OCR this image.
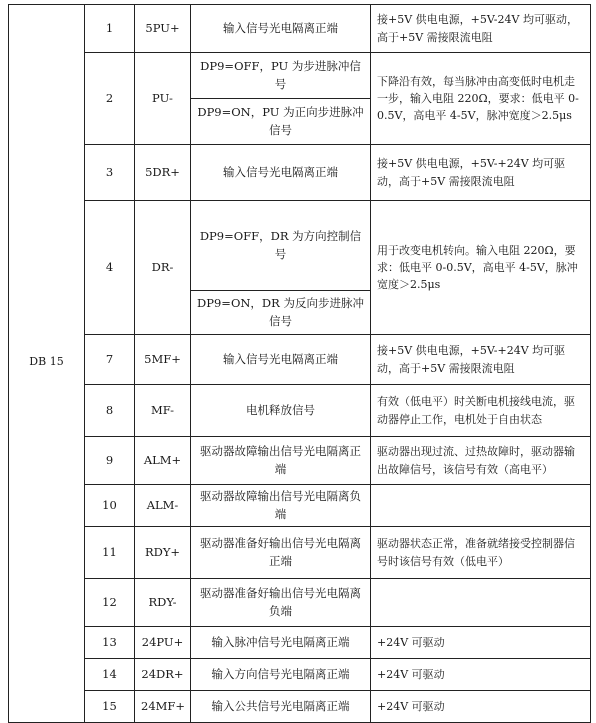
DB 15	1	5PU+	输入信号光电隔离正端	接+5V 供电电源，+5V-24V 均可驱动，高于+5V 需接限流电阻
	2	PU-	DP9=OFF，PU 为步进脉冲信号	下降沿有效，每当脉冲由高变低时电机走一步，输入电阻 220Ω，要求：低电平 0-0.5V，高电平 4-5V，脉冲宽度＞2.5μs
			DP9=ON，PU 为正向步进脉冲信号	
	3	5DR+	输入信号光电隔离正端	接+5V 供电电源，+5V-+24V 均可驱动，高于+5V 需接限流电阻
	4	DR-	DP9=OFF，DR 为方向控制信号	用于改变电机转向。输入电阻 220Ω，要求：低电平 0-0.5V，高电平 4-5V，脉冲宽度＞2.5μs
			DP9=ON，DR 为反向步进脉冲信号	
	7	5MF+	输入信号光电隔离正端	接+5V 供电电源，+5V-+24V 均可驱动，高于+5V 需接限流电阻
	8	MF-	电机释放信号	有效（低电平）时关断电机接线电流，驱动器停止工作，电机处于自由状态
	9	ALM+	驱动器故障输出信号光电隔离正端	驱动器出现过流、过热故障时，驱动器输出故障信号，该信号有效（高电平）
	10	ALM-	驱动器故障输出信号光电隔离负端	
	11	RDY+	驱动器准备好输出信号光电隔离正端	驱动器状态正常，准备就绪接受控制器信号时该信号有效（低电平）
	12	RDY-	驱动器准备好输出信号光电隔离负端	
	13	24PU+	输入脉冲信号光电隔离正端	+24V 可驱动
	14	24DR+	输入方向信号光电隔离正端	+24V 可驱动
	15	24MF+	输入公共信号光电隔离正端	+24V 可驱动
